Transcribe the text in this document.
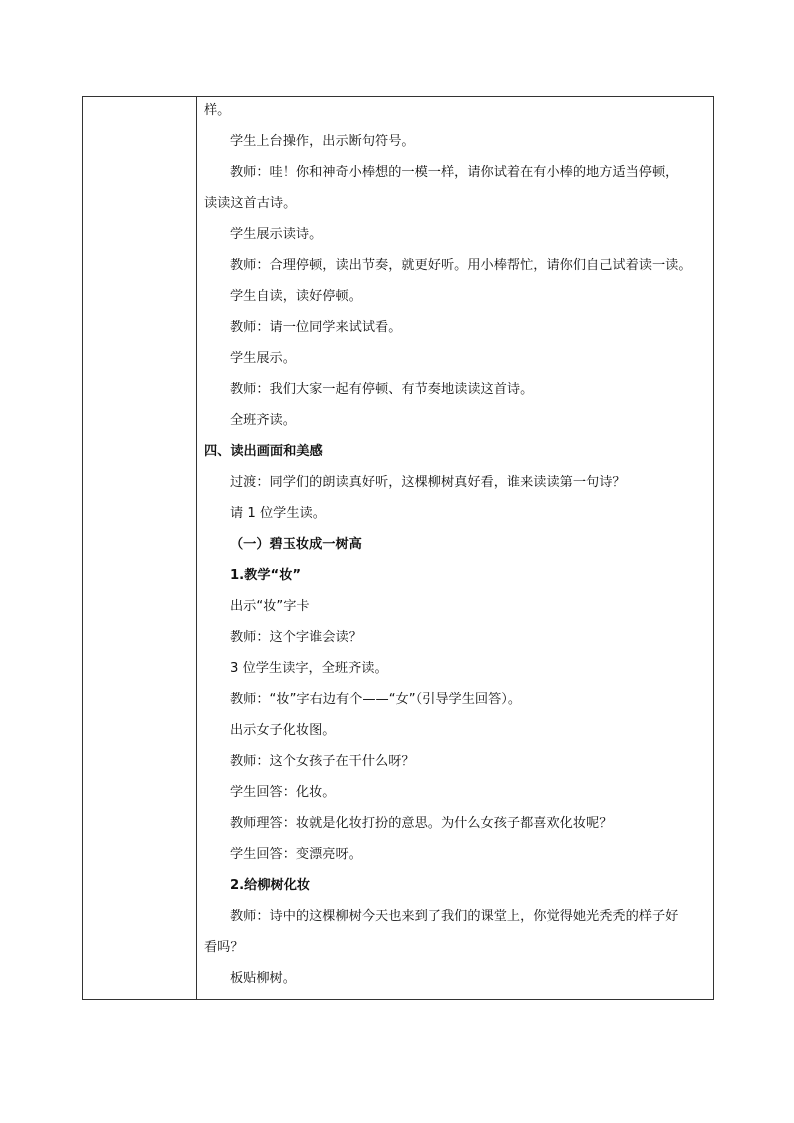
样。
学生上台操作，出示断句符号。
教师：哇！你和神奇小棒想的一模一样，请你试着在有小棒的地方适当停顿，
读读这首古诗。
学生展示读诗。
教师：合理停顿，读出节奏，就更好听。用小棒帮忙，请你们自己试着读一读。
学生自读，读好停顿。
教师：请一位同学来试试看。
学生展示。
教师：我们大家一起有停顿、有节奏地读读这首诗。
全班齐读。
四、读出画面和美感
过渡：同学们的朗读真好听，这棵柳树真好看，谁来读读第一句诗？
请 1 位学生读。
（一）碧玉妆成一树高
1.教学“妆”
出示“妆”字卡
教师：这个字谁会读？
3 位学生读字，全班齐读。
教师：“妆”字右边有个——“女”（引导学生回答）。
出示女子化妆图。
教师：这个女孩子在干什么呀？
学生回答：化妆。
教师理答：妆就是化妆打扮的意思。为什么女孩子都喜欢化妆呢？
学生回答：变漂亮呀。
2.给柳树化妆
教师：诗中的这棵柳树今天也来到了我们的课堂上，你觉得她光秃秃的样子好
看吗？
板贴柳树。
